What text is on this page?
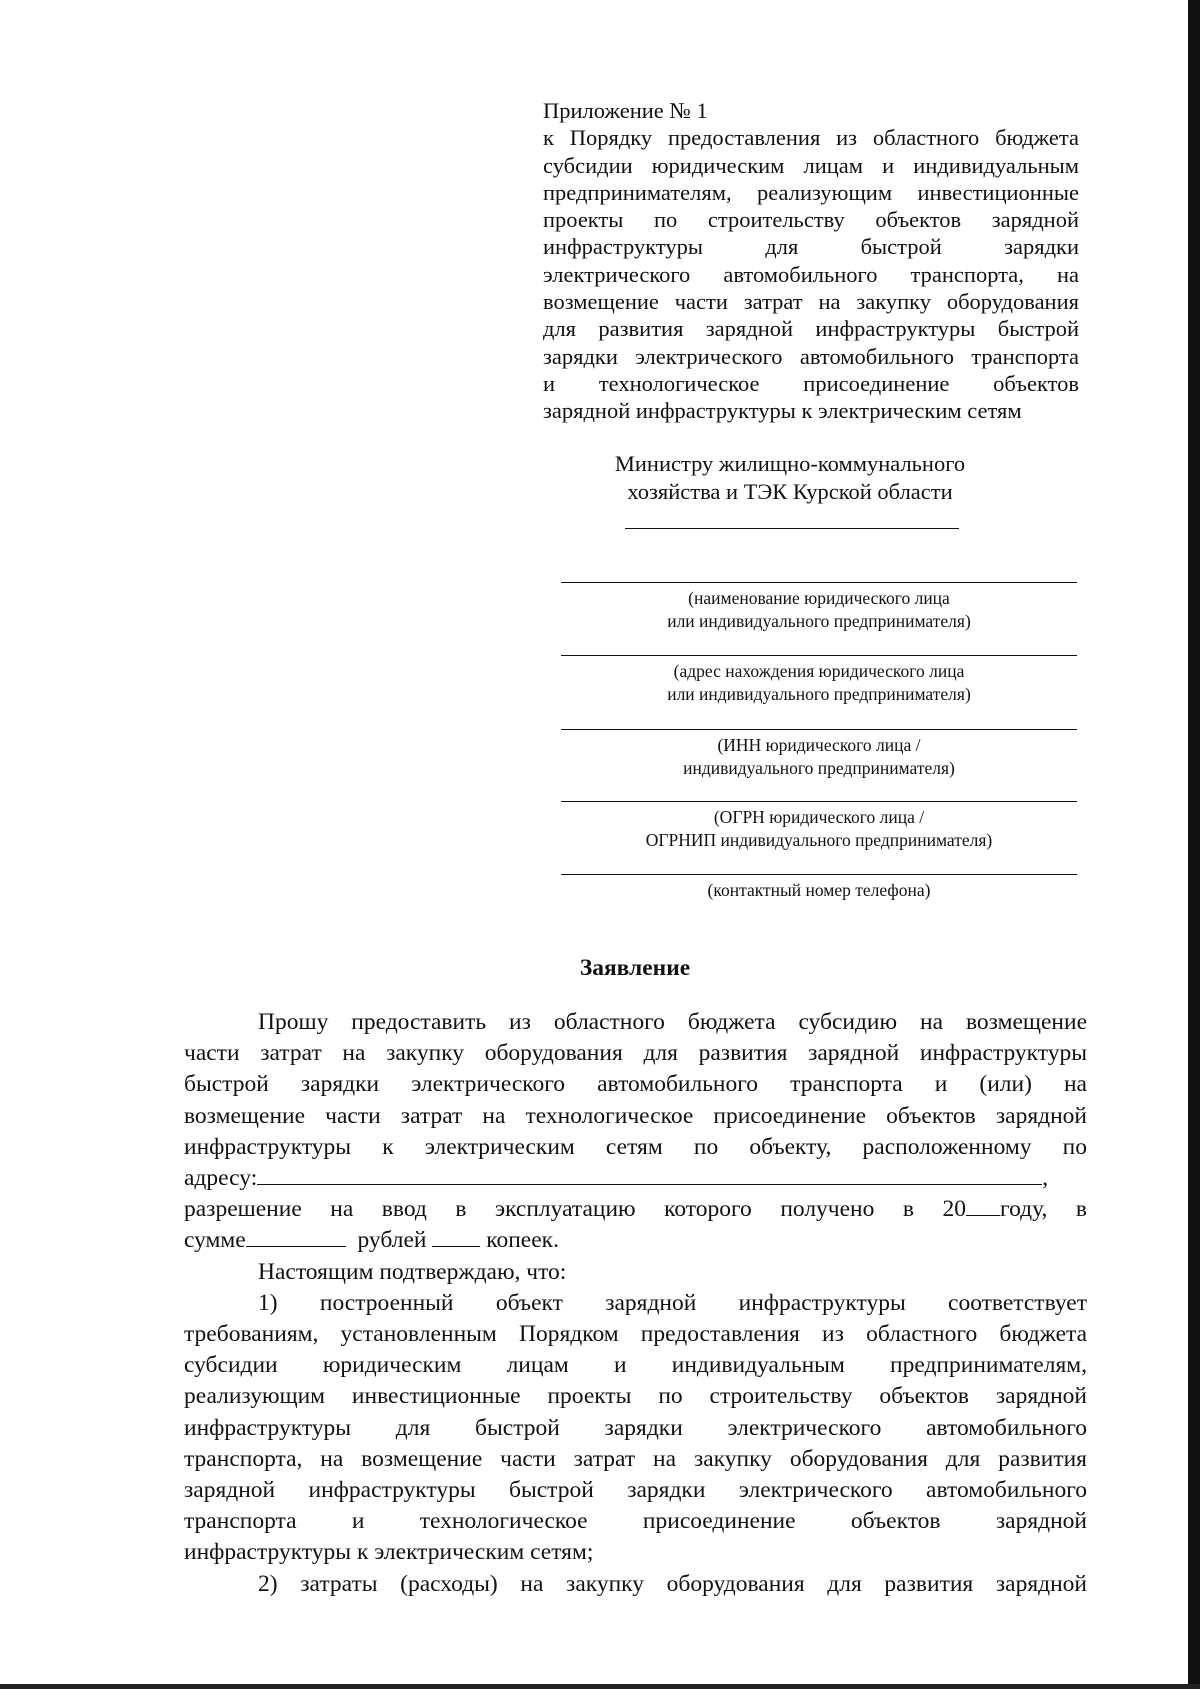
Приложение № 1
к Порядку предоставления из областного бюджета
субсидии юридическим лицам и индивидуальным
предпринимателям, реализующим инвестиционные
проекты по строительству объектов зарядной
инфраструктуры для быстрой зарядки
электрического автомобильного транспорта, на
возмещение части затрат на закупку оборудования
для развития зарядной инфраструктуры быстрой
зарядки электрического автомобильного транспорта
и технологическое присоединение объектов
зарядной инфраструктуры к электрическим сетям
Министру жилищно-коммунального
хозяйства и ТЭК Курской области
(наименование юридического лица
или индивидуального предпринимателя)
(адрес нахождения юридического лица
или индивидуального предпринимателя)
(ИНН юридического лица /
индивидуального предпринимателя)
(ОГРН юридического лица /
ОГРНИП индивидуального предпринимателя)
(контактный номер телефона)
Заявление
Прошу предоставить из областного бюджета субсидию на возмещение
части затрат на закупку оборудования для развития зарядной инфраструктуры
быстрой зарядки электрического автомобильного транспорта и (или) на
возмещение части затрат на технологическое присоединение объектов зарядной
инфраструктуры к электрическим сетям по объекту, расположенному по
адресу:	,
разрешение на ввод в эксплуатацию которого получено в 20 году, в
сумме	рублей	копеек.
Настоящим подтверждаю, что:
1) построенный объект зарядной инфраструктуры соответствует
требованиям, установленным Порядком предоставления из областного бюджета
субсидии юридическим лицам и индивидуальным предпринимателям,
реализующим инвестиционные проекты по строительству объектов зарядной
инфраструктуры для быстрой зарядки электрического автомобильного
транспорта, на возмещение части затрат на закупку оборудования для развития
зарядной инфраструктуры быстрой зарядки электрического автомобильного
транспорта и технологическое присоединение объектов зарядной
инфраструктуры к электрическим сетям;
2) затраты (расходы) на закупку оборудования для развития зарядной
